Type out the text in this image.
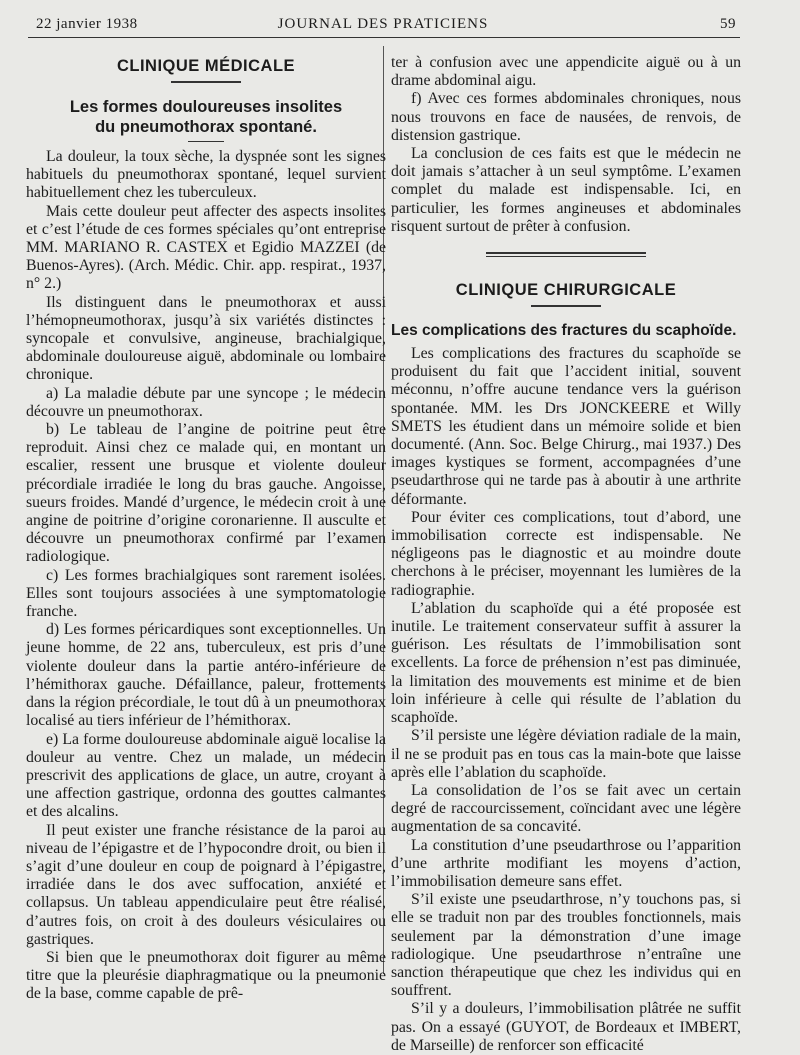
22 janvier 1938	JOURNAL DES PRATICIENS	59
CLINIQUE MÉDICALE
Les formes douloureuses insolites
du pneumothorax spontané.

La douleur, la toux sèche, la dyspnée sont les signes habituels du pneumothorax spontané, lequel survient habituellement chez les tuberculeux.

Mais cette douleur peut affecter des aspects insolites et c’est l’étude de ces formes spéciales qu’ont entreprise MM. MARIANO R. CASTEX et Egidio MAZZEI (de Buenos-Ayres). (Arch. Médic. Chir. app. respirat., 1937, n° 2.)

Ils distinguent dans le pneumothorax et aussi l’hémopneumothorax, jusqu’à six variétés distinctes : syncopale et convulsive, angineuse, brachialgique, abdominale douloureuse aiguë, abdominale ou lombaire chronique.

a) La maladie débute par une syncope ; le médecin découvre un pneumothorax.

b) Le tableau de l’angine de poitrine peut être reproduit. Ainsi chez ce malade qui, en montant un escalier, ressent une brusque et violente douleur précordiale irradiée le long du bras gauche. Angoisse, sueurs froides. Mandé d’urgence, le médecin croit à une angine de poitrine d’origine coronarienne. Il ausculte et découvre un pneumothorax confirmé par l’examen radiologique.

c) Les formes brachialgiques sont rarement isolées. Elles sont toujours associées à une symptomatologie franche.

d) Les formes péricardiques sont exceptionnelles. Un jeune homme, de 22 ans, tuberculeux, est pris d’une violente douleur dans la partie antéro-inférieure de l’hémithorax gauche. Défaillance, paleur, frottements dans la région précordiale, le tout dû à un pneumothorax localisé au tiers inférieur de l’hémithorax.

e) La forme douloureuse abdominale aiguë localise la douleur au ventre. Chez un malade, un médecin prescrivit des applications de glace, un autre, croyant à une affection gastrique, ordonna des gouttes calmantes et des alcalins.

Il peut exister une franche résistance de la paroi au niveau de l’épigastre et de l’hypocondre droit, ou bien il s’agit d’une douleur en coup de poignard à l’épigastre, irradiée dans le dos avec suffocation, anxiété et collapsus. Un tableau appendiculaire peut être réalisé, d’autres fois, on croit à des douleurs vésiculaires ou gastriques.

Si bien que le pneumothorax doit figurer au même titre que la pleurésie diaphragmatique ou la pneumonie de la base, comme capable de prê-

ter à confusion avec une appendicite aiguë ou à un drame abdominal aigu.

f) Avec ces formes abdominales chroniques, nous nous trouvons en face de nausées, de renvois, de distension gastrique.

La conclusion de ces faits est que le médecin ne doit jamais s’attacher à un seul symptôme. L’examen complet du malade est indispensable. Ici, en particulier, les formes angineuses et abdominales risquent surtout de prêter à confusion.

CLINIQUE CHIRURGICALE
Les complications des fractures du scaphoïde.

Les complications des fractures du scaphoïde se produisent du fait que l’accident initial, souvent méconnu, n’offre aucune tendance vers la guérison spontanée. MM. les Drs JONCKEERE et Willy SMETS les étudient dans un mémoire solide et bien documenté. (Ann. Soc. Belge Chirurg., mai 1937.) Des images kystiques se forment, accompagnées d’une pseudarthrose qui ne tarde pas à aboutir à une arthrite déformante.

Pour éviter ces complications, tout d’abord, une immobilisation correcte est indispensable. Ne négligeons pas le diagnostic et au moindre doute cherchons à le préciser, moyennant les lumières de la radiographie.

L’ablation du scaphoïde qui a été proposée est inutile. Le traitement conservateur suffit à assurer la guérison. Les résultats de l’immobilisation sont excellents. La force de préhension n’est pas diminuée, la limitation des mouvements est minime et de bien loin inférieure à celle qui résulte de l’ablation du scaphoïde.

S’il persiste une légère déviation radiale de la main, il ne se produit pas en tous cas la main-bote que laisse après elle l’ablation du scaphoïde.

La consolidation de l’os se fait avec un certain degré de raccourcissement, coïncidant avec une légère augmentation de sa concavité.

La constitution d’une pseudarthrose ou l’apparition d’une arthrite modifiant les moyens d’action, l’immobilisation demeure sans effet.

S’il existe une pseudarthrose, n’y touchons pas, si elle se traduit non par des troubles fonctionnels, mais seulement par la démonstration d’une image radiologique. Une pseudarthrose n’entraîne une sanction thérapeutique que chez les individus qui en souffrent.

S’il y a douleurs, l’immobilisation plâtrée ne suffit pas. On a essayé (GUYOT, de Bordeaux et IMBERT, de Marseille) de renforcer son efficacité
